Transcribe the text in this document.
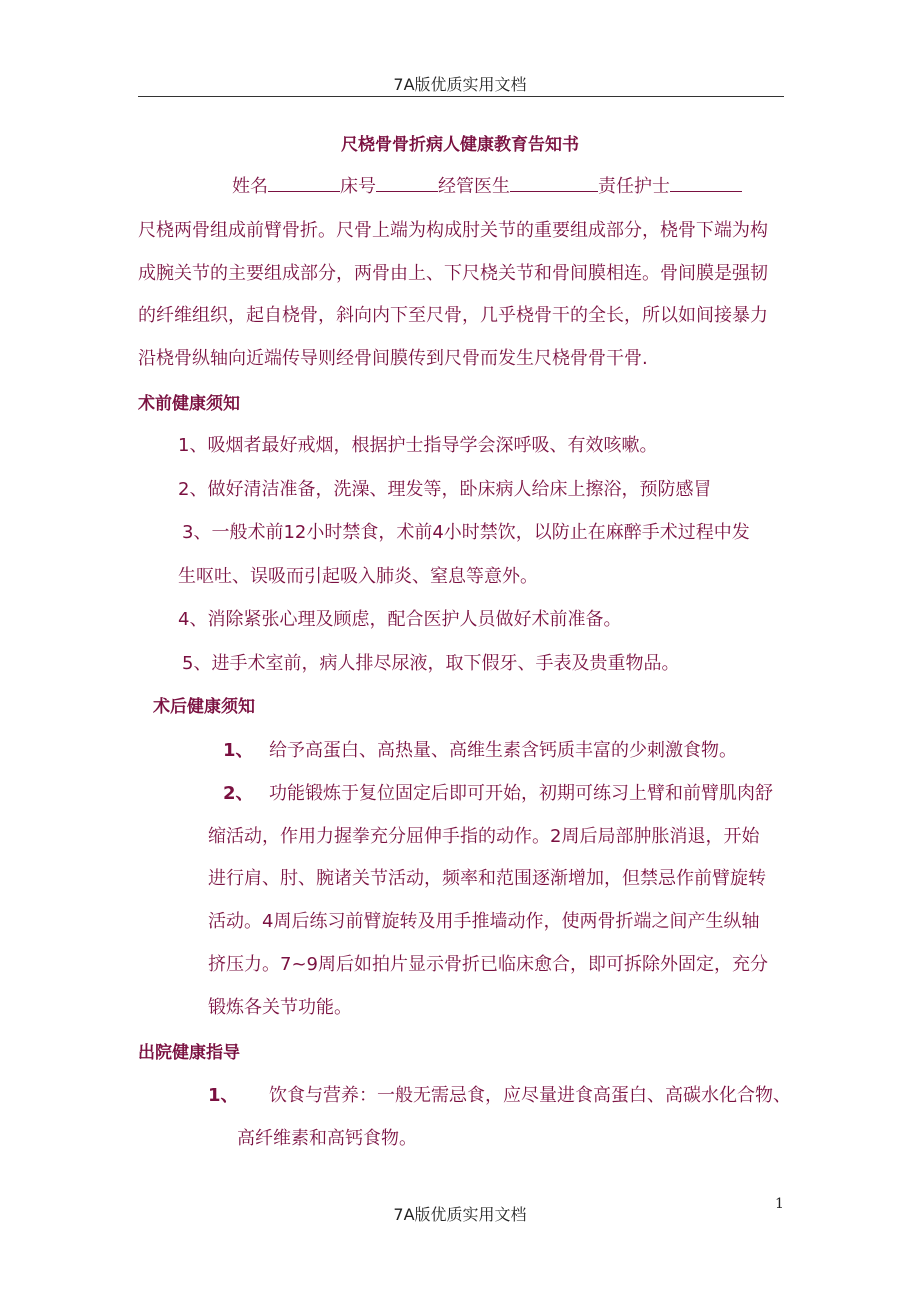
7A版优质实用文档
尺桡骨骨折病人健康教育告知书
姓名	床号	经管医生	责任护士
尺桡两骨组成前臂骨折。尺骨上端为构成肘关节的重要组成部分，桡骨下端为构
成腕关节的主要组成部分，两骨由上、下尺桡关节和骨间膜相连。骨间膜是强韧
的纤维组织，起自桡骨，斜向内下至尺骨，几乎桡骨干的全长，所以如间接暴力
沿桡骨纵轴向近端传导则经骨间膜传到尺骨而发生尺桡骨骨干骨.
术前健康须知
1、吸烟者最好戒烟，根据护士指导学会深呼吸、有效咳嗽。
2、做好清洁准备，洗澡、理发等，卧床病人给床上擦浴，预防感冒
3、一般术前12小时禁食，术前4小时禁饮，以防止在麻醉手术过程中发
生呕吐、误吸而引起吸入肺炎、窒息等意外。
4、消除紧张心理及顾虑，配合医护人员做好术前准备。
5、进手术室前，病人排尽尿液，取下假牙、手表及贵重物品。
术后健康须知
1、 给予高蛋白、高热量、高维生素含钙质丰富的少刺激食物。
2、 功能锻炼于复位固定后即可开始，初期可练习上臂和前臂肌肉舒
缩活动，作用力握拳充分屈伸手指的动作。2周后局部肿胀消退，开始
进行肩、肘、腕诸关节活动，频率和范围逐渐增加，但禁忌作前臂旋转
活动。4周后练习前臂旋转及用手推墙动作，使两骨折端之间产生纵轴
挤压力。7~9周后如拍片显示骨折已临床愈合，即可拆除外固定，充分
锻炼各关节功能。
出院健康指导
1、 饮食与营养：一般无需忌食，应尽量进食高蛋白、高碳水化合物、
高纤维素和高钙食物。
1
7A版优质实用文档
